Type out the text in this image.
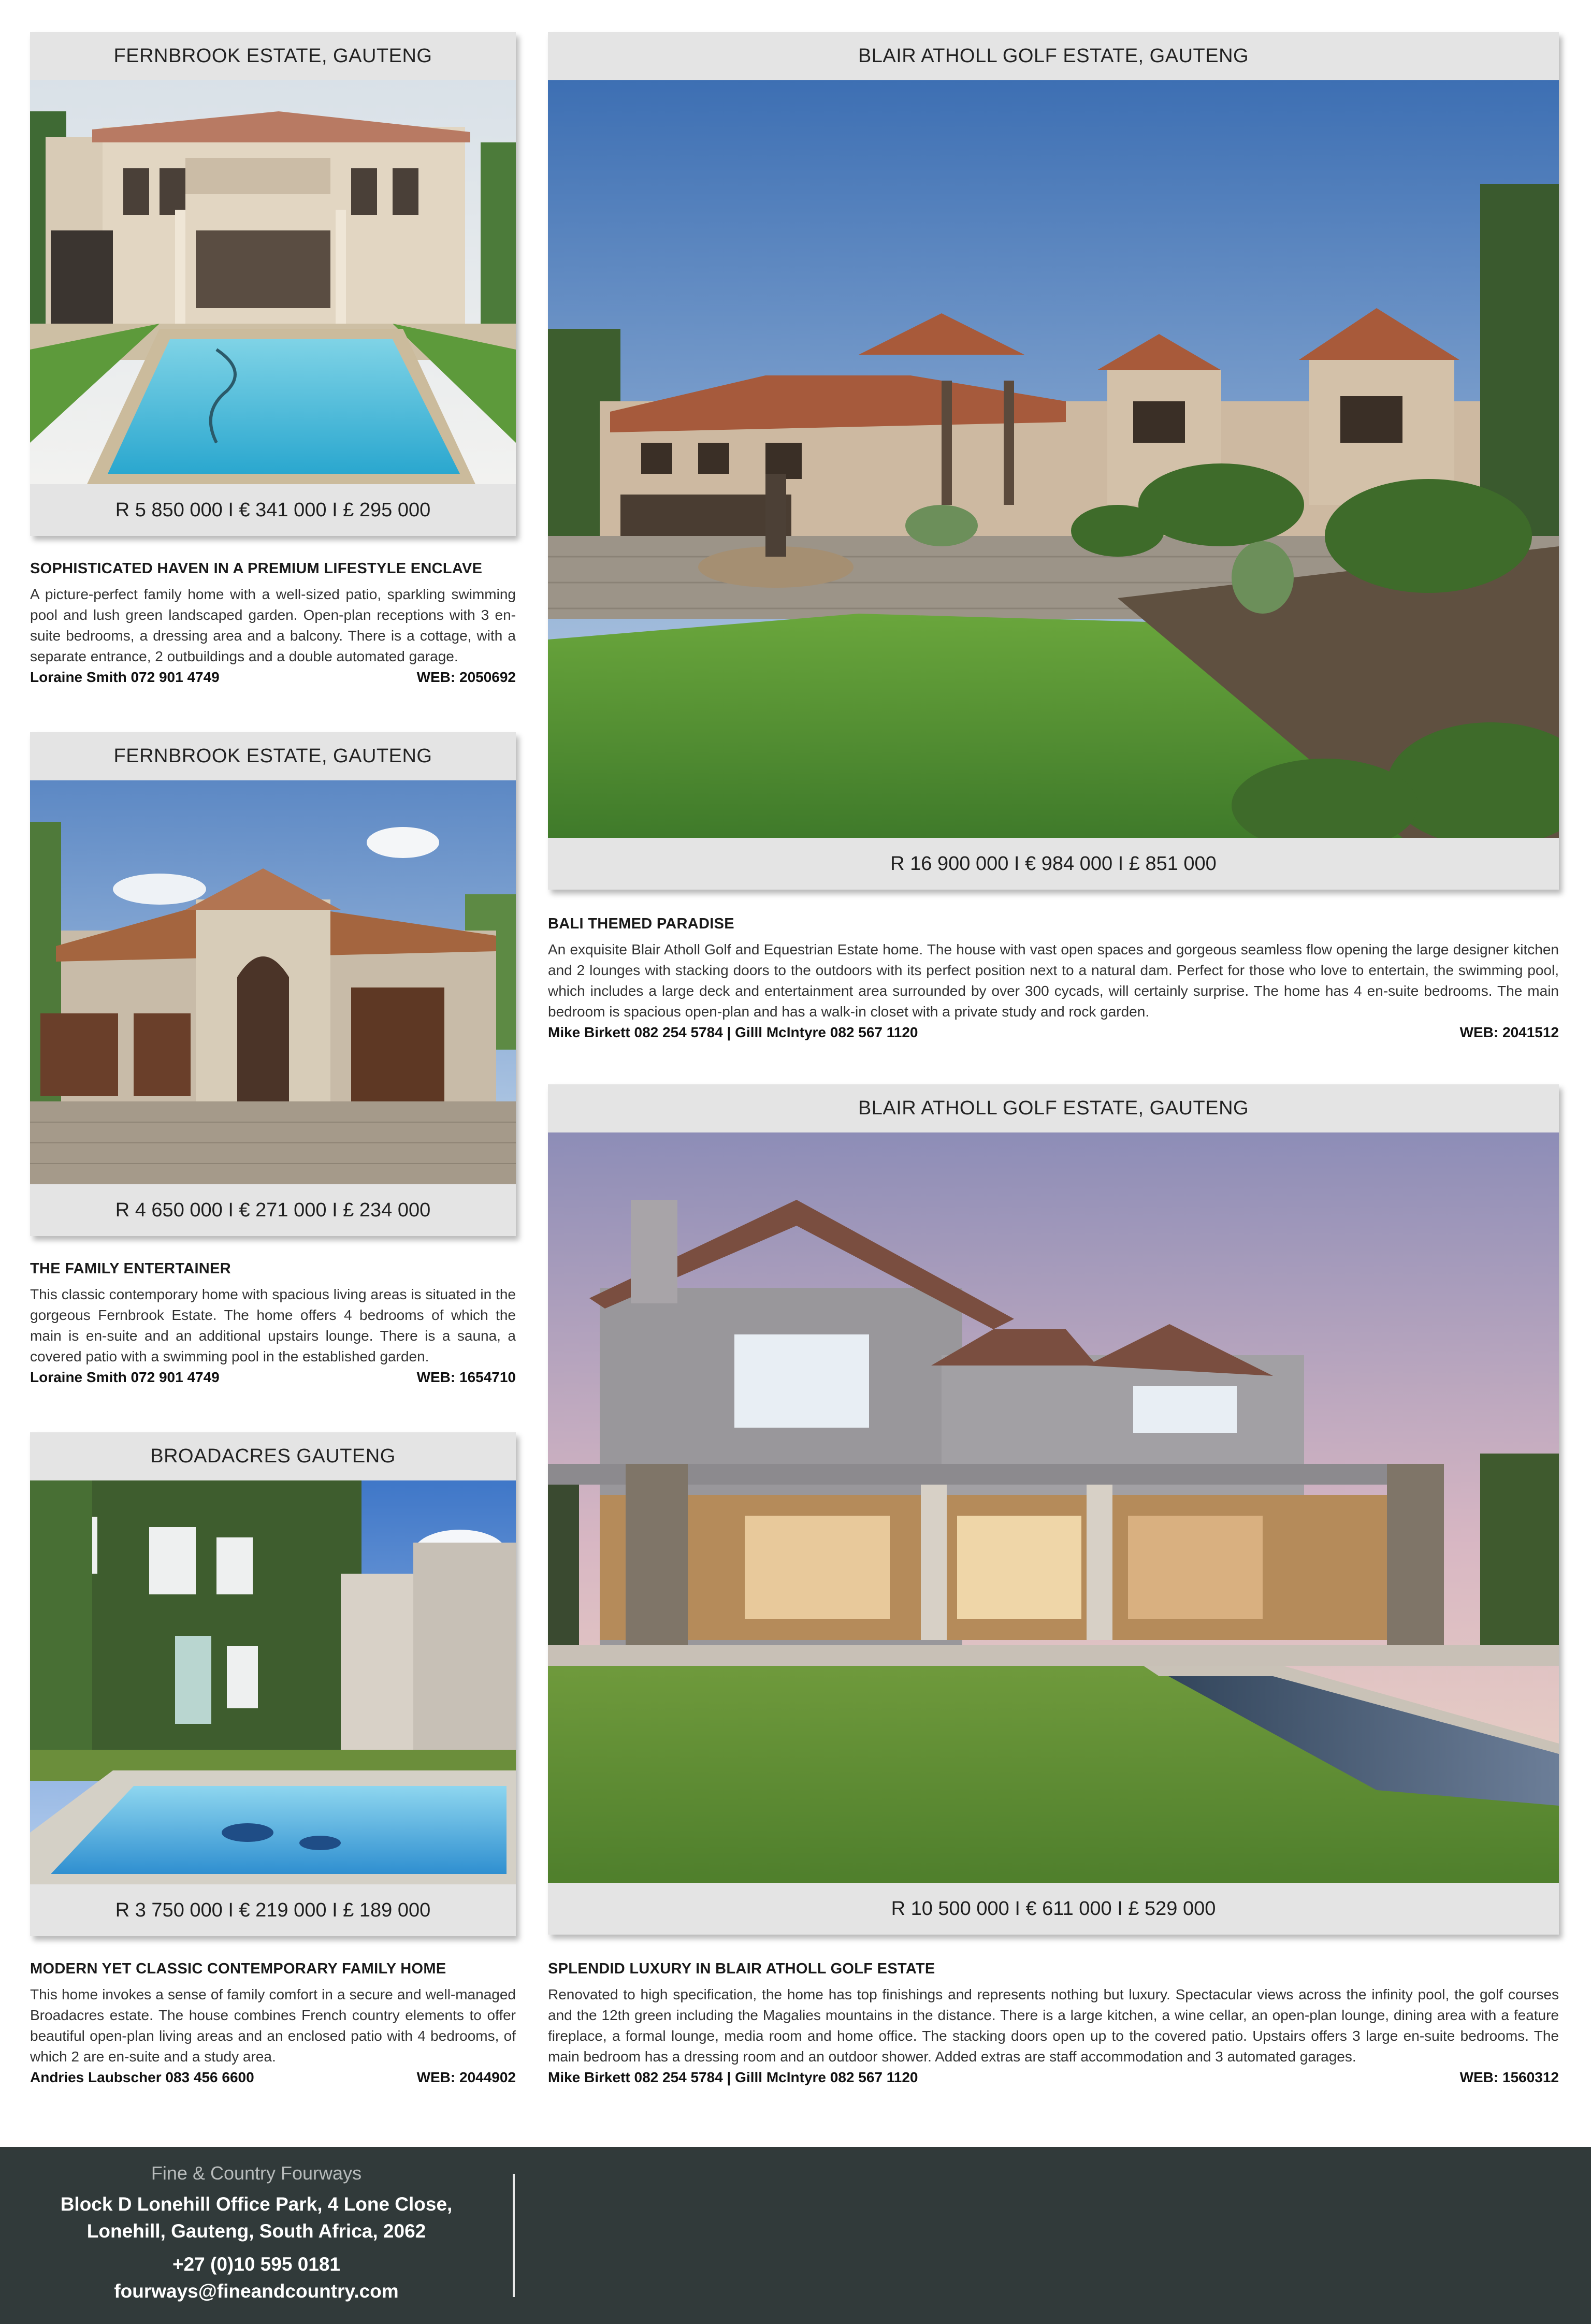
FERNBROOK ESTATE, GAUTENG
R 5 850 000 I € 341 000 I £ 295 000
SOPHISTICATED HAVEN IN A PREMIUM LIFESTYLE ENCLAVE

A picture-perfect family home with a well-sized patio, sparkling swimming pool and lush green landscaped garden. Open-plan receptions with 3 en-suite bedrooms, a dressing area and a balcony. There is a cottage, with a separate entrance, 2 outbuildings and a double automated garage.

Loraine Smith 072 901 4749	WEB: 2050692
FERNBROOK ESTATE, GAUTENG
R 4 650 000 I € 271 000 I £ 234 000
THE FAMILY ENTERTAINER

This classic contemporary home with spacious living areas is situated in the gorgeous Fernbrook Estate. The home offers 4 bedrooms of which the main is en-suite and an additional upstairs lounge. There is a sauna, a covered patio with a swimming pool in the established garden.

Loraine Smith 072 901 4749	WEB: 1654710
BROADACRES GAUTENG
R 3 750 000 I € 219 000 I £ 189 000
MODERN YET CLASSIC CONTEMPORARY FAMILY HOME

This home invokes a sense of family comfort in a secure and well-managed Broadacres estate. The house combines French country elements to offer beautiful open-plan living areas and an enclosed patio with 4 bedrooms, of which 2 are en-suite and a study area.

Andries Laubscher 083 456 6600	WEB: 2044902
BLAIR ATHOLL GOLF ESTATE, GAUTENG
R 16 900 000 I € 984 000 I £ 851 000
BALI THEMED PARADISE

An exquisite Blair Atholl Golf and Equestrian Estate home. The house with vast open spaces and gorgeous seamless flow opening the large designer kitchen and 2 lounges with stacking doors to the outdoors with its perfect position next to a natural dam. Perfect for those who love to entertain, the swimming pool, which includes a large deck and entertainment area surrounded by over 300 cycads, will certainly surprise. The home has 4 en-suite bedrooms. The main bedroom is spacious open-plan and has a walk-in closet with a private study and rock garden.

Mike Birkett 082 254 5784 | Gilll McIntyre 082 567 1120	WEB: 2041512
BLAIR ATHOLL GOLF ESTATE, GAUTENG
R 10 500 000 I € 611 000 I £ 529 000
SPLENDID LUXURY IN BLAIR ATHOLL GOLF ESTATE

Renovated to high specification, the home has top finishings and represents nothing but luxury. Spectacular views across the infinity pool, the golf courses and the 12th green including the Magalies mountains in the distance. There is a large kitchen, a wine cellar, an open-plan lounge, dining area with a feature fireplace, a formal lounge, media room and home office. The stacking doors open up to the covered patio. Upstairs offers 3 large en-suite bedrooms. The main bedroom has a dressing room and an outdoor shower. Added extras are staff accommodation and 3 automated garages.

Mike Birkett 082 254 5784 | Gilll McIntyre 082 567 1120	WEB: 1560312
Fine & Country Fourways
Block D Lonehill Office Park, 4 Lone Close,
Lonehill, Gauteng, South Africa, 2062
+27 (0)10 595 0181
fourways@fineandcountry.com
